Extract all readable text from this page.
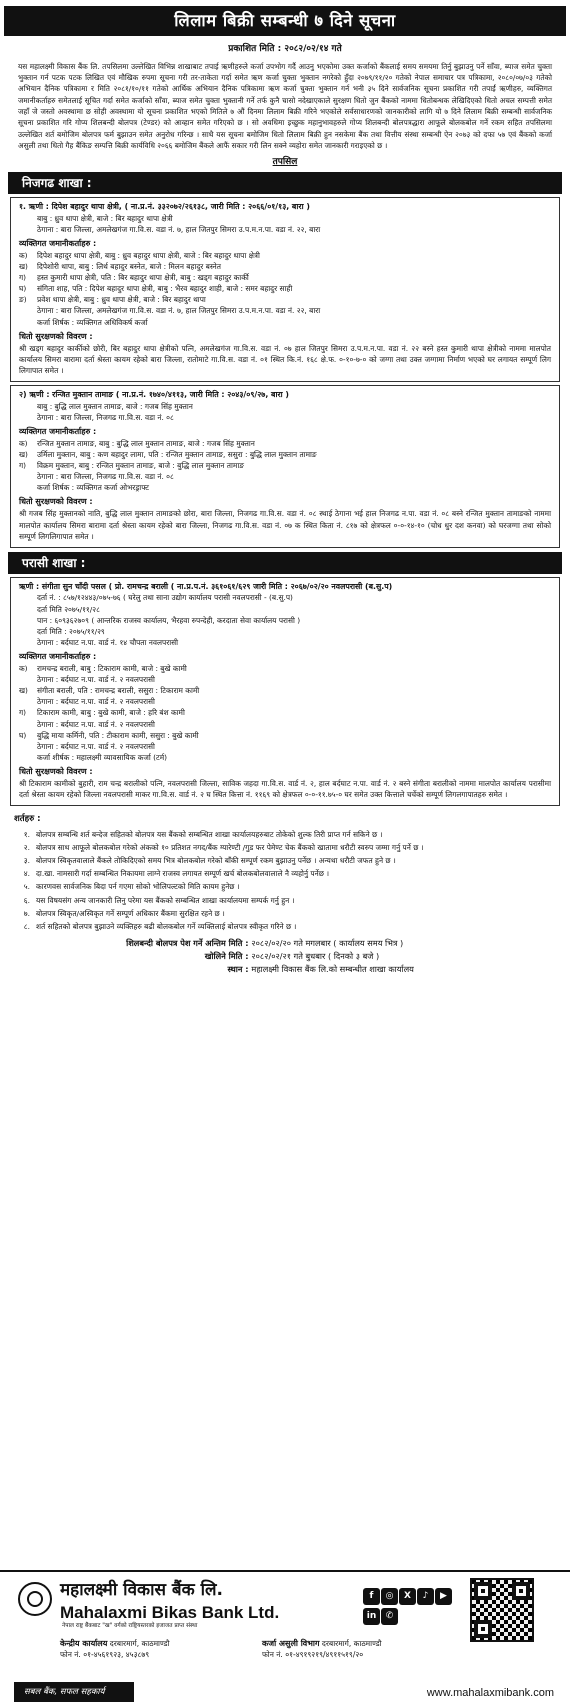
लिलाम बिक्री सम्बन्धी ७ दिने सूचना
प्रकाशित मिति : २०८२/०२/१४ गते
यस महालक्ष्मी विकास बैंक लि. तपसिलमा उल्लेखित विभिन्न शाखाबाट तपाई ऋणीहरुले कर्जा उपभोग गर्दै आउनु भएकोमा उक्त कर्जाको बैंकलाई समय समयमा तिर्नु बुझाउनु पर्ने साँवा, ब्याज समेत चुक्ता भुक्तान गर्न पटक पटक लिखित एवं मौखिक रुपमा सूचना गरी तर-ताकेता गर्दा समेत ऋण कर्जा चुक्ता भुक्तान नगरेको हुँदा २०७९/११/२० गतेको नेपाल समाचार पत्र पत्रिकामा, २०८०/०७/०३ गतेको अभियान दैनिक पत्रिकामा र मिति २०८१/१०/११ गतेको आर्थिक अभियान दैनिक पत्रिकामा ऋण कर्जा चुक्ता भुक्तान गर्न भनी ३५ दिने सार्वजनिक सूचना प्रकाशित गरी तपाईं ऋणीहरु, व्यक्तिगत जमानीकर्ताहरु समेतलाई सूचित गर्दा समेत कर्जाको साँवा, ब्याज समेत चुक्ता भुक्तानी गर्ने तर्फ कुनै चासो नदेखाएकाले सुरक्षण धितो जुन बैंकको नाममा धितोबन्धक लेखिदिएको धितो अचल सम्पत्ती समेत जहाँ जे जस्तो अवस्थामा छ सोही अवस्थामा यो सूचना प्रकाशित भएको मितिले ७ औं दिनमा लिलाम बिक्री गरिने भएकोले सर्वसाधारणको जानकारीको लागि यो ७ दिने लिलाम बिक्री सम्बन्धी सार्वजनिक सूचना प्रकाशित गरि गोप्य शिलबन्दी बोलपत्र (टेण्डर) को आव्हान समेत गरिएको छ । सो अवधिमा इच्छुक महानुभावहरुले गोप्य शिलबन्दी बोलपत्रद्धारा आफूले बोलकबोल गर्ने रकम सहित तपसिलमा उल्लेखित शर्त बमोजिम बोलपत्र फर्म बुझाउन समेत अनुरोध गरिन्छ । साथै यस सूचना बमोजिम धितो लिलाम बिक्री हुन नसकेमा बैंक तथा वित्तीय संस्था सम्बन्धी ऐन २०७३ को दफा ५७ एवं बैंकको कर्जा असुली तथा धितो गैह बैंकिङ सम्पत्ति बिक्री कार्यविधि २०६६ बमोजिम बैंकले आफैं सकार गरी लिन सक्ने व्यहोरा समेत जानकारी गराइएको छ ।
तपसिल
निजगढ शाखा :
१. ऋणी : दिपेश बहादुर थापा क्षेत्री, ( ना.प्र.नं. ३३२०७२/२६१३८, जारी मिति : २०६६/०१/१३, बारा )
बाबु : ध्रुव थापा क्षेत्री, बाजे : बिर बहादुर थापा क्षेत्री
ठेगाना : बारा जिल्ला, अमलेखगंज गा.वि.स. वडा नं. ७, हाल जितपुर सिमरा उ.प.म.न.पा. वडा नं. २२, बारा
व्यक्तिगत जमानीकर्ताहरु :
क)	दिपेश बहादुर थापा क्षेत्री, बाबु : ध्रुव बहादुर थापा क्षेत्री, बाजे : बिर बहादुर थापा क्षेत्री
ख)	दिपेशोरी थापा, बाबु : लिर्थ बहादुर बस्नेत, बाजे : मिलन बहादुर बस्नेत
ग)	हस्त कुमारी थापा क्षेत्री, पति : बिर बहादुर थापा क्षेत्री, बाबु : खड्ग बहादुर कार्की
घ)	संगिता शाह, पति : दिपेश बहादुर थापा क्षेत्री, बाबु : भैरव बहादुर शाही, बाजे : समर बहादुर साही
ङ)	प्रवेश थापा क्षेत्री, बाबु : ध्रुव थापा क्षेत्री, बाजे : बिर बहादुर थापा
ठेगाना : बारा जिल्ला, अमलेखगंज गा.वि.स. वडा नं. ७, हाल जितपुर सिमरा उ.प.म.न.पा. वडा नं. २२, बारा
कर्जा शिर्षक : व्यक्तिगत अधिविकर्ष कर्जा
धितो सुरक्षणको विवरण :
श्री खड्ग बहादुर कार्कीको छोरी, बिर बहादुर थापा क्षेत्रीको पत्नि, अमलेखगंज गा.वि.स. वडा नं. ०७ हाल जितपुर सिमरा उ.प.म.न.पा. वडा नं. २२ बस्ने हस्त कुमारी थापा क्षेत्रीको नाममा मालपोत कार्यालय सिमरा बारामा दर्ता श्रेस्ता कायम रहेको बारा जिल्ला, रातोमाटे गा.वि.स. वडा नं. ०१ स्थित कि.नं. १६८ क्षे.फ. ०-१०-७-० को जग्गा तथा उक्त जग्गामा निर्माण भएको घर लगायत सम्पूर्ण लिग लिगापात समेत ।
२) ऋणी : रन्जित मुक्तान तामाङ ( ना.प्र.नं. १७४०/४११३, जारी मिति : २०४३/०९/२७, बारा )
बाबु : बुद्धि लाल मुक्तान तामाङ, बाजे : गजब सिंह मुक्तान
ठेगाना : बारा जिल्ला, निजगढ गा.वि.स. वडा नं. ०८
व्यक्तिगत जमानीकर्ताहरु :
क)	रन्जित मुक्तान तामाङ, बाबु : बुद्धि लाल मुक्तान तामाङ, बाजे : गजब सिंह मुक्तान
ख)	उर्मिला मुक्तान, बाबु : कण बहादुर लामा, पति : रन्जित मुक्तान तामाङ, ससुरा : बुद्धि लाल मुक्तान तामाङ
ग)	विक्रम मुक्तान, बाबु : रन्जित मुक्तान तामाङ, बाजे : बुद्धि लाल मुक्तान तामाङ
ठेगाना : बारा जिल्ला, निजगढ गा.वि.स. वडा नं. ०८
कर्जा शिर्षक : व्यक्तिगत कर्जा ओभरड्राफ्ट
धितो सुरक्षणको विवरण :
श्री गजब सिंह मुक्तानको नाति, बुद्धि लाल मुक्तान तामाङको छोरा, बारा जिल्ला, निजगढ गा.वि.स. वडा नं. ०८ स्थाई ठेगाना भई हाल निजगढ न.पा. वडा नं. ०८ बस्ने रन्जित मुक्तान तामाङको नाममा मालपोत कार्यालय सिमरा बारामा दर्ता श्रेस्ता कायम रहेको बारा जिल्ला, निजगढ गा.वि.स. वडा नं. ०७ क स्थित किता नं. ८१७ को क्षेत्रफल ०-०-१४-१० (चोध धुर दश कनवा) को घरजग्गा तथा सोको सम्पूर्ण लिगलिगापात समेत ।
परासी शाखा :
ऋणी : संगीता सुन चाँदी पसल ( प्रो. रामचन्द्र बराली ( ना.प्र.प.नं. ३६१०६१/६२९ जारी मिति : २०६७/०२/२० नवलपरासी (ब.सु.प)
दर्ता नं. : ८५७/१२४४३/०७५-७६ ( घरेलु तथा साना उद्योग कार्यालय परासी नवलपरासी - (ब.सु.प)
दर्ता मिति २०७५/११/२८
पान : ६०९३६२७०९ ( आन्तरिक राजस्व कार्यालय, भैरहवा रुपन्देही, करदाता सेवा कार्यालय परासी )
दर्ता मिति : २०७५/११/२९
ठेगाना : बर्दघाट न.पा. वार्ड नं. १४ चौपता नवलपरासी
व्यक्तिगत जमानीकर्ताहरु :
क)	रामचन्द्र बराली, बाबु : टिकाराम कामी, बाजे : बुखे कामी
ठेगाना : बर्दघाट न.पा. वार्ड नं. २ नवलपरासी
ख)	संगीता बराली, पति : रामचन्द्र बराली, ससुरा : टिकाराम कामी
ठेगाना : बर्दघाट न.पा. वार्ड नं. २ नवलपरासी
ग)	टिकाराम कामी, बाबु : बुखे कामी, बाजे : हरि बंश कामी
ठेगाना : बर्दघाट न.पा. वार्ड नं. २ नवलपरासी
घ)	बुद्धि माया कर्मिनी, पति : टीकाराम कामी, ससुरा : बुखे कामी
ठेगाना : बर्दघाट न.पा. वार्ड नं. २ नवलपरासी
कर्जा शीर्षक : महालक्ष्मी व्यावसायिक कर्जा (टर्म)
धितो सुरक्षणको विवरण :
श्री टिकाराम कामीको बुहारी, राम चन्द्र बरालीको पत्नि, नवलपरासी जिल्ला, साविक जहदा गा.वि.स. वार्ड नं. २, हाल बर्दघाट न.पा. वार्ड नं. २ बस्ने संगीता बरालीको नाममा मालपोत कार्यालय परासीमा दर्ता श्रेस्ता कायम रहेको जिल्ला नवलपरासी माकर गा.वि.स. वार्ड नं. २ घ स्थित कित्ता नं. ११६९ को क्षेत्रफल ०-०-११.७५-० घर समेत उक्त कित्ताले चर्चेको सम्पूर्ण लिगलगापातहरु समेत ।
शर्तहरु :
१. बोलपत्र सम्बन्धि शर्त बन्देज सहितको बोलपत्र यस बैंकको सम्बन्धित शाखा कार्यालयहरुबाट तोकेको शुल्क तिरी प्राप्त गर्न सकिने छ ।
२. बोलपत्र साथ आफूले बोलकबोल गरेको अंकको १० प्रतिशत नगद/बैंक ग्यारेण्टी /गुड फर पेमेण्ट चेक बैंकको खातामा धरौटी स्वरुप जम्मा गर्नु पर्ने छ ।
३. बोलपत्र स्विकृतवालाले बैंकले तोकिदिएको समय भित्र बोलकबोल गरेको बाँकी सम्पूर्ण रकम बुझाउनु पर्नेछ । अन्यथा धरौटी जफत हुने छ ।
४. दा.खा. नामसारी गर्दा सम्बन्धित निकायमा लाग्ने राजस्व लगायत सम्पूर्ण खर्च बोलकबोलवालाले नै व्यहोर्नु पर्नेछ ।
५. कारणवस सार्वजनिक बिदा पर्न गएमा सोको भोलिपल्टको मिति कायम हुनेछ ।
६. यस विषयसंग अन्य जानकारी लिनु परेमा यस बैंकको सम्बन्धित शाखा कार्यालयमा सम्पर्क गर्नु हुन ।
७. बोलपत्र स्विकृत/अस्विकृत गर्ने सम्पूर्ण अधिकार बैंकमा सुरक्षित रहने छ ।
८. शर्त सहितको बोलपत्र बुझाउने व्यक्तिहरु बढी बोलकबोल गर्ने व्यक्तिलाई बोलपत्र स्वीकृत गरिने छ ।
शिलबन्दी बोलपत्र पेश गर्ने अन्तिम मिति : २०८२/०२/२० गते मगलबार ( कार्यालय समय भित्र )
खोलिने मिति : २०८२/०२/२१ गते बुधबार ( दिनको ३ बजे )
स्थान : महालक्ष्मी विकास बैंक लि.को सम्बन्धीत शाखा कार्यालय
महालक्ष्मी विकास बैंक लि.
Mahalaxmi Bikas Bank Ltd.
नेपाल राष्ट्र बैंकबाट "ख" वर्गको राष्ट्रियस्तरको इजाजत प्राप्त संस्था
केन्द्रीय कार्यालय दरबारमार्ग, काठमाण्डौ
फोन नं. ०१-४५६१९२३, ४५३८७९
कर्जा असुली विभाग दरबारमार्ग, काठमाण्डौ
फोन नं. ०१-४९१९२१९/४९११५१९/२०
f ◎ X ♪ ▶in ✆
सबल बैंक, सफल सहकार्य	www.mahalaxmibank.com
